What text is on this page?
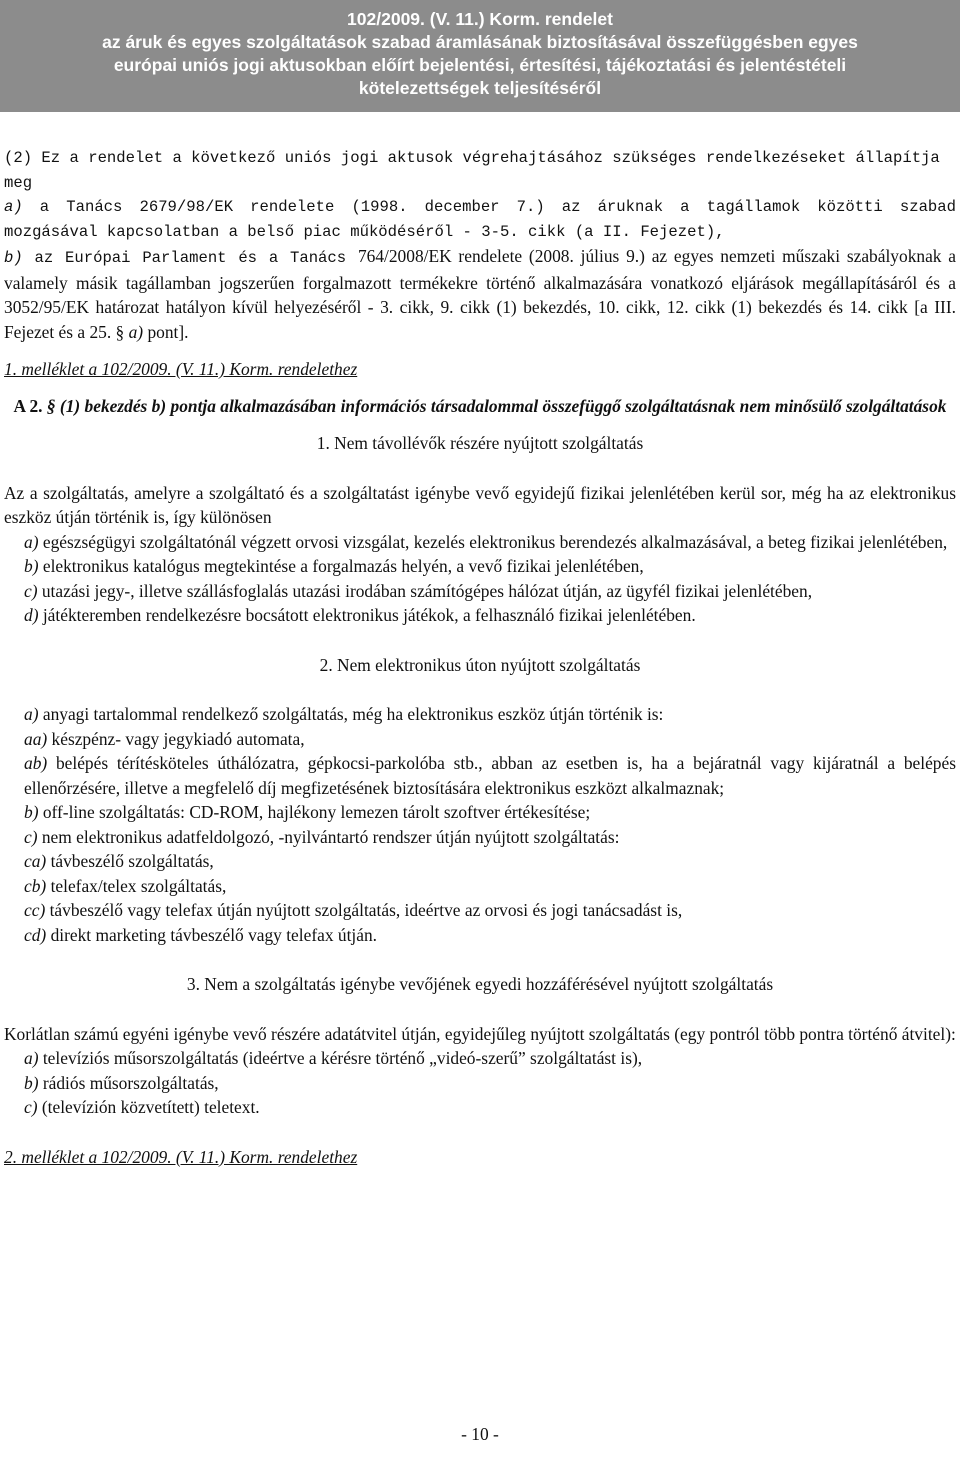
102/2009. (V. 11.) Korm. rendelet
az áruk és egyes szolgáltatások szabad áramlásának biztosításával összefüggésben egyes
európai uniós jogi aktusokban előírt bejelentési, értesítési, tájékoztatási és jelentéstételi
kötelezettségek teljesítéséről

(2) Ez a rendelet a következő uniós jogi aktusok végrehajtásához szükséges rendelkezéseket állapítja meg

a) a Tanács 2679/98/EK rendelete (1998. december 7.) az áruknak a tagállamok közötti szabad mozgásával kapcsolatban a belső piac működéséről - 3-5. cikk (a II. Fejezet),

b) az Európai Parlament és a Tanács 764/2008/EK rendelete (2008. július 9.) az egyes nemzeti műszaki szabályoknak a valamely másik tagállamban jogszerűen forgalmazott termékekre történő alkalmazására vonatkozó eljárások megállapításáról és a 3052/95/EK határozat hatályon kívül helyezéséről - 3. cikk, 9. cikk (1) bekezdés, 10. cikk, 12. cikk (1) bekezdés és 14. cikk [a III. Fejezet és a 25. § a) pont].

1. melléklet a 102/2009. (V. 11.) Korm. rendelethez

A 2. § (1) bekezdés b) pontja alkalmazásában információs társadalommal összefüggő szolgáltatásnak nem minősülő szolgáltatások

1. Nem távollévők részére nyújtott szolgáltatás

Az a szolgáltatás, amelyre a szolgáltató és a szolgáltatást igénybe vevő egyidejű fizikai jelenlétében kerül sor, még ha az elektronikus eszköz útján történik is, így különösen

a) egészségügyi szolgáltatónál végzett orvosi vizsgálat, kezelés elektronikus berendezés alkalmazásával, a beteg fizikai jelenlétében,

b) elektronikus katalógus megtekintése a forgalmazás helyén, a vevő fizikai jelenlétében,

c) utazási jegy-, illetve szállásfoglalás utazási irodában számítógépes hálózat útján, az ügyfél fizikai jelenlétében,

d) játékteremben rendelkezésre bocsátott elektronikus játékok, a felhasználó fizikai jelenlétében.

2. Nem elektronikus úton nyújtott szolgáltatás

a) anyagi tartalommal rendelkező szolgáltatás, még ha elektronikus eszköz útján történik is:

aa) készpénz- vagy jegykiadó automata,

ab) belépés térítésköteles úthálózatra, gépkocsi-parkolóba stb., abban az esetben is, ha a bejáratnál vagy kijáratnál a belépés ellenőrzésére, illetve a megfelelő díj megfizetésének biztosítására elektronikus eszközt alkalmaznak;

b) off-line szolgáltatás: CD-ROM, hajlékony lemezen tárolt szoftver értékesítése;

c) nem elektronikus adatfeldolgozó, -nyilvántartó rendszer útján nyújtott szolgáltatás:

ca) távbeszélő szolgáltatás,

cb) telefax/telex szolgáltatás,

cc) távbeszélő vagy telefax útján nyújtott szolgáltatás, ideértve az orvosi és jogi tanácsadást is,

cd) direkt marketing távbeszélő vagy telefax útján.

3. Nem a szolgáltatás igénybe vevőjének egyedi hozzáférésével nyújtott szolgáltatás

Korlátlan számú egyéni igénybe vevő részére adatátvitel útján, egyidejűleg nyújtott szolgáltatás (egy pontról több pontra történő átvitel):

a) televíziós műsorszolgáltatás (ideértve a kérésre történő „videó-szerű” szolgáltatást is),

b) rádiós műsorszolgáltatás,

c) (televízión közvetített) teletext.

2. melléklet a 102/2009. (V. 11.) Korm. rendelethez

- 10 -
